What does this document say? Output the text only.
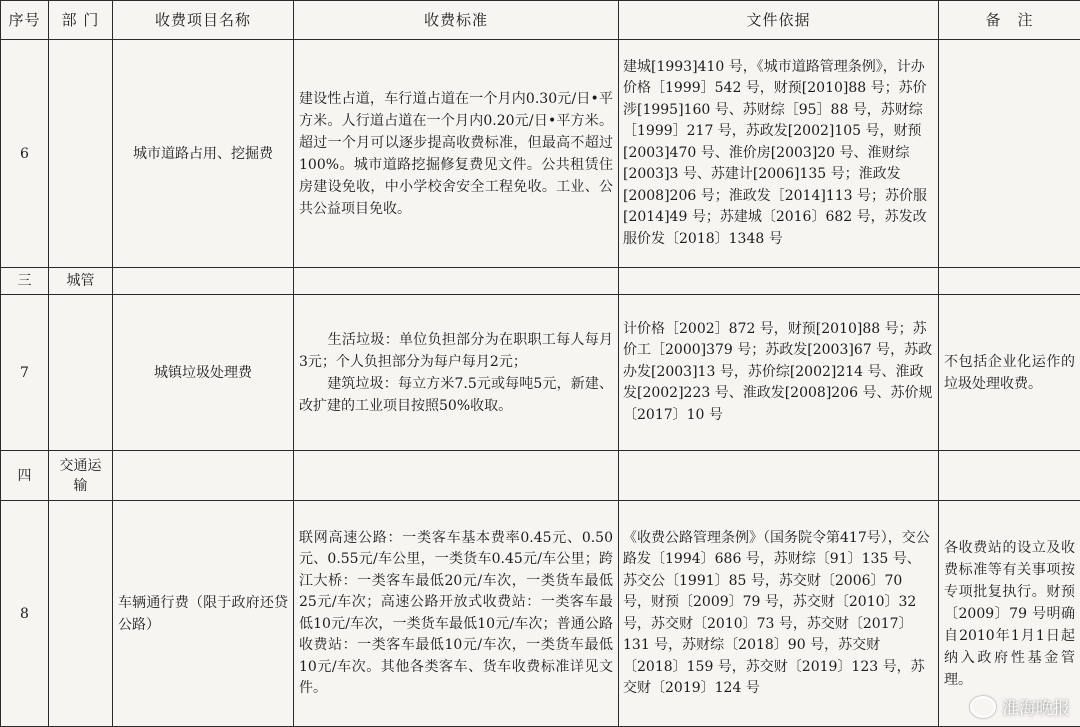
序号	部 门	收费项目名称	收费标准	文件依据	备　注
6		城市道路占用、挖掘费	建设性占道，车行道占道在一个月内0.30元/日•平方米。人行道占道在一个月内0.20元/日•平方米。超过一个月可以逐步提高收费标准，但最高不超过100%。城市道路挖掘修复费见文件。公共租赁住房建设免收，中小学校舍安全工程免收。工业、公共公益项目免收。	建城[1993]410 号，《城市道路管理条例》，计办价格［1999］542 号，财预[2010]88 号；苏价涉[1995]160 号、苏财综［95］88 号，苏财综［1999］217 号，苏政发[2002]105 号，财预[2003]470 号、淮价房[2003]20 号、淮财综[2003]3 号、苏建计[2006]135 号；淮政发[2008]206 号；淮政发［2014]113 号；苏价服[2014]49 号；苏建城〔2016〕682 号，苏发改服价发〔2018〕1348 号	
三	城管				
7		城镇垃圾处理费	　　生活垃圾：单位负担部分为在职职工每人每月3元；个人负担部分为每户每月2元；
　　建筑垃圾：每立方米7.5元或每吨5元，新建、改扩建的工业项目按照50%收取。	计价格［2002］872 号，财预[2010]88 号；苏价工［2000]379 号；苏政发[2003]67 号，苏政办发[2003]13 号，苏价综[2002]214 号、淮政发[2002]223 号、淮政发[2008]206 号、苏价规〔2017〕10 号	不包括企业化运作的垃圾处理收费。
四	交通运输				
8		车辆通行费（限于政府还贷公路）	联网高速公路：一类客车基本费率0.45元、0.50元、0.55元/车公里，一类货车0.45元/车公里；跨江大桥：一类客车最低20元/车次，一类货车最低25元/车次；高速公路开放式收费站：一类客车最低10元/车次，一类货车最低10元/车次；普通公路收费站：一类客车最低10元/车次，一类货车最低10元/车次。其他各类客车、货车收费标准详见文件。	《收费公路管理条例》（国务院令第417号），交公路发〔1994〕686 号，苏财综〔91〕135 号、苏交公〔1991〕85 号，苏交财〔2006〕70 号，财预〔2009〕79 号，苏交财〔2010〕32 号，苏交财〔2010〕73 号，苏交财〔2017〕131 号，苏财综〔2018〕90 号，苏交财〔2018〕159 号，苏交财〔2019〕123 号，苏交财〔2019〕124 号	各收费站的设立及收费标准等有关事项按专项批复执行。财预〔2009〕79 号明确自2010年1月1日起纳入政府性基金管理。
淮海晚报
